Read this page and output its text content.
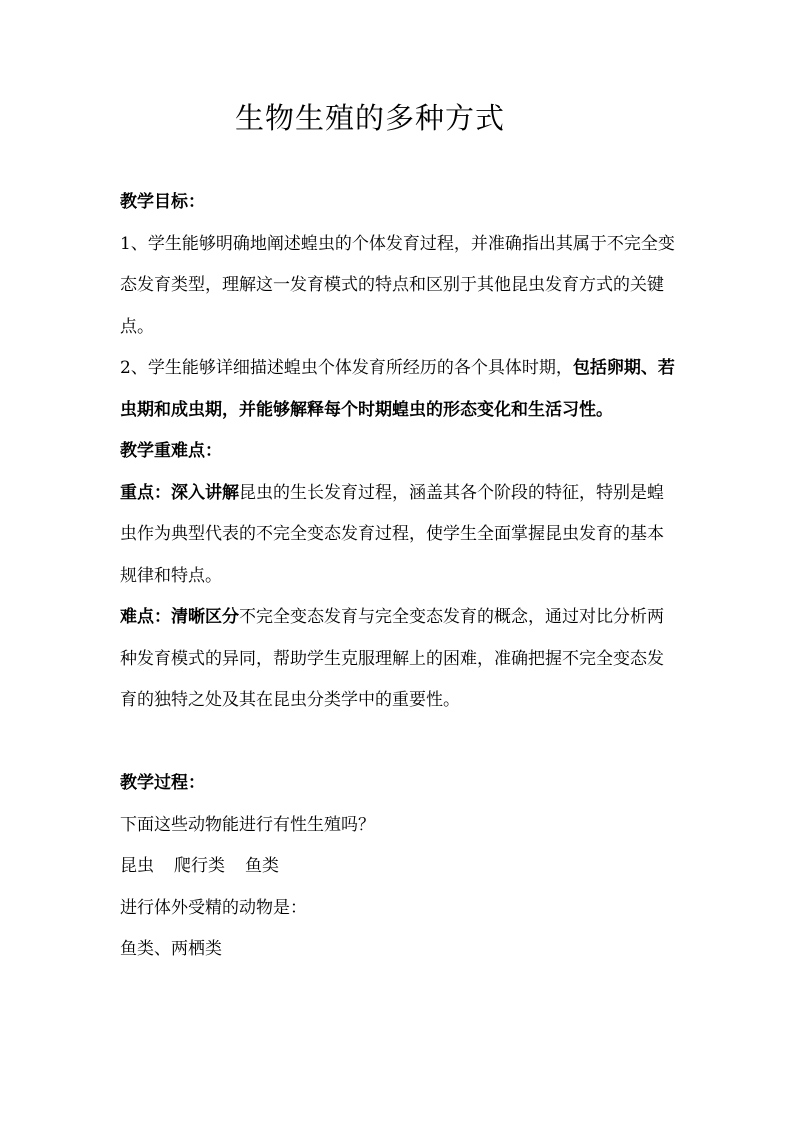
生物生殖的多种方式

教学目标：

1、学生能够明确地阐述蝗虫的个体发育过程，并准确指出其属于不完全变态发育类型，理解这一发育模式的特点和区别于其他昆虫发育方式的关键点。

2、学生能够详细描述蝗虫个体发育所经历的各个具体时期，包括卵期、若虫期和成虫期，并能够解释每个时期蝗虫的形态变化和生活习性。

教学重难点：

重点：深入讲解昆虫的生长发育过程，涵盖其各个阶段的特征，特别是蝗虫作为典型代表的不完全变态发育过程，使学生全面掌握昆虫发育的基本规律和特点。

难点：清晰区分不完全变态发育与完全变态发育的概念，通过对比分析两种发育模式的异同，帮助学生克服理解上的困难，准确把握不完全变态发育的独特之处及其在昆虫分类学中的重要性。

教学过程：

下面这些动物能进行有性生殖吗？

昆虫 爬行类 鱼类

进行体外受精的动物是：

鱼类、两栖类
